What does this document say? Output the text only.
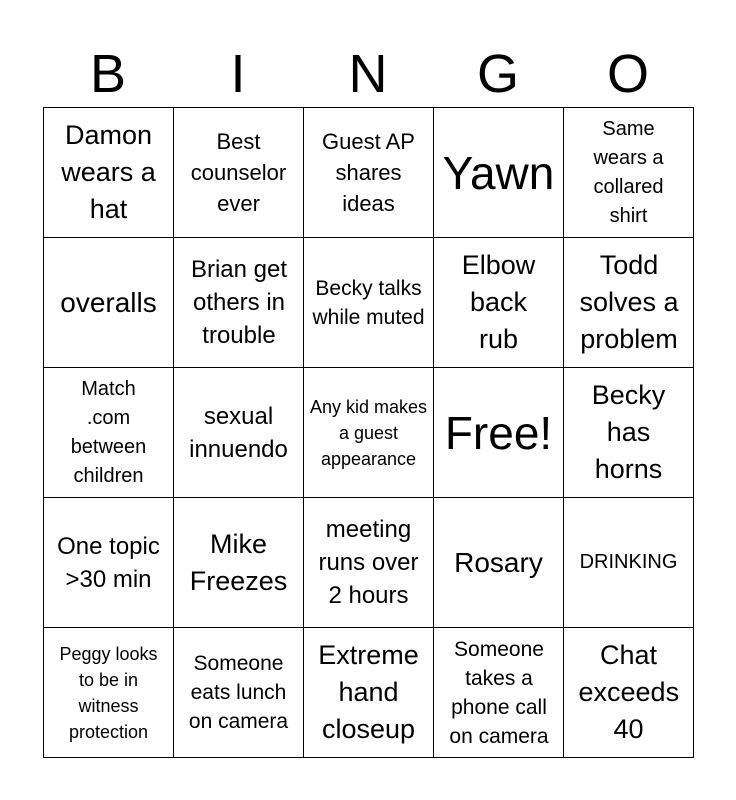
B	I	N	G	O
Damon wears a hat	Best counselor ever	Guest AP shares ideas	Yawn	Same wears a collared shirt
overalls	Brian get others in trouble	Becky talks while muted	Elbow back rub	Todd solves a problem
Match .com between children	sexual innuendo	Any kid makes a guest appearance	Free!	Becky has horns
One topic >30 min	Mike Freezes	meeting runs over 2 hours	Rosary	DRINKING
Peggy looks to be in witness protection	Someone eats lunch on camera	Extreme hand closeup	Someone takes a phone call on camera	Chat exceeds 40
